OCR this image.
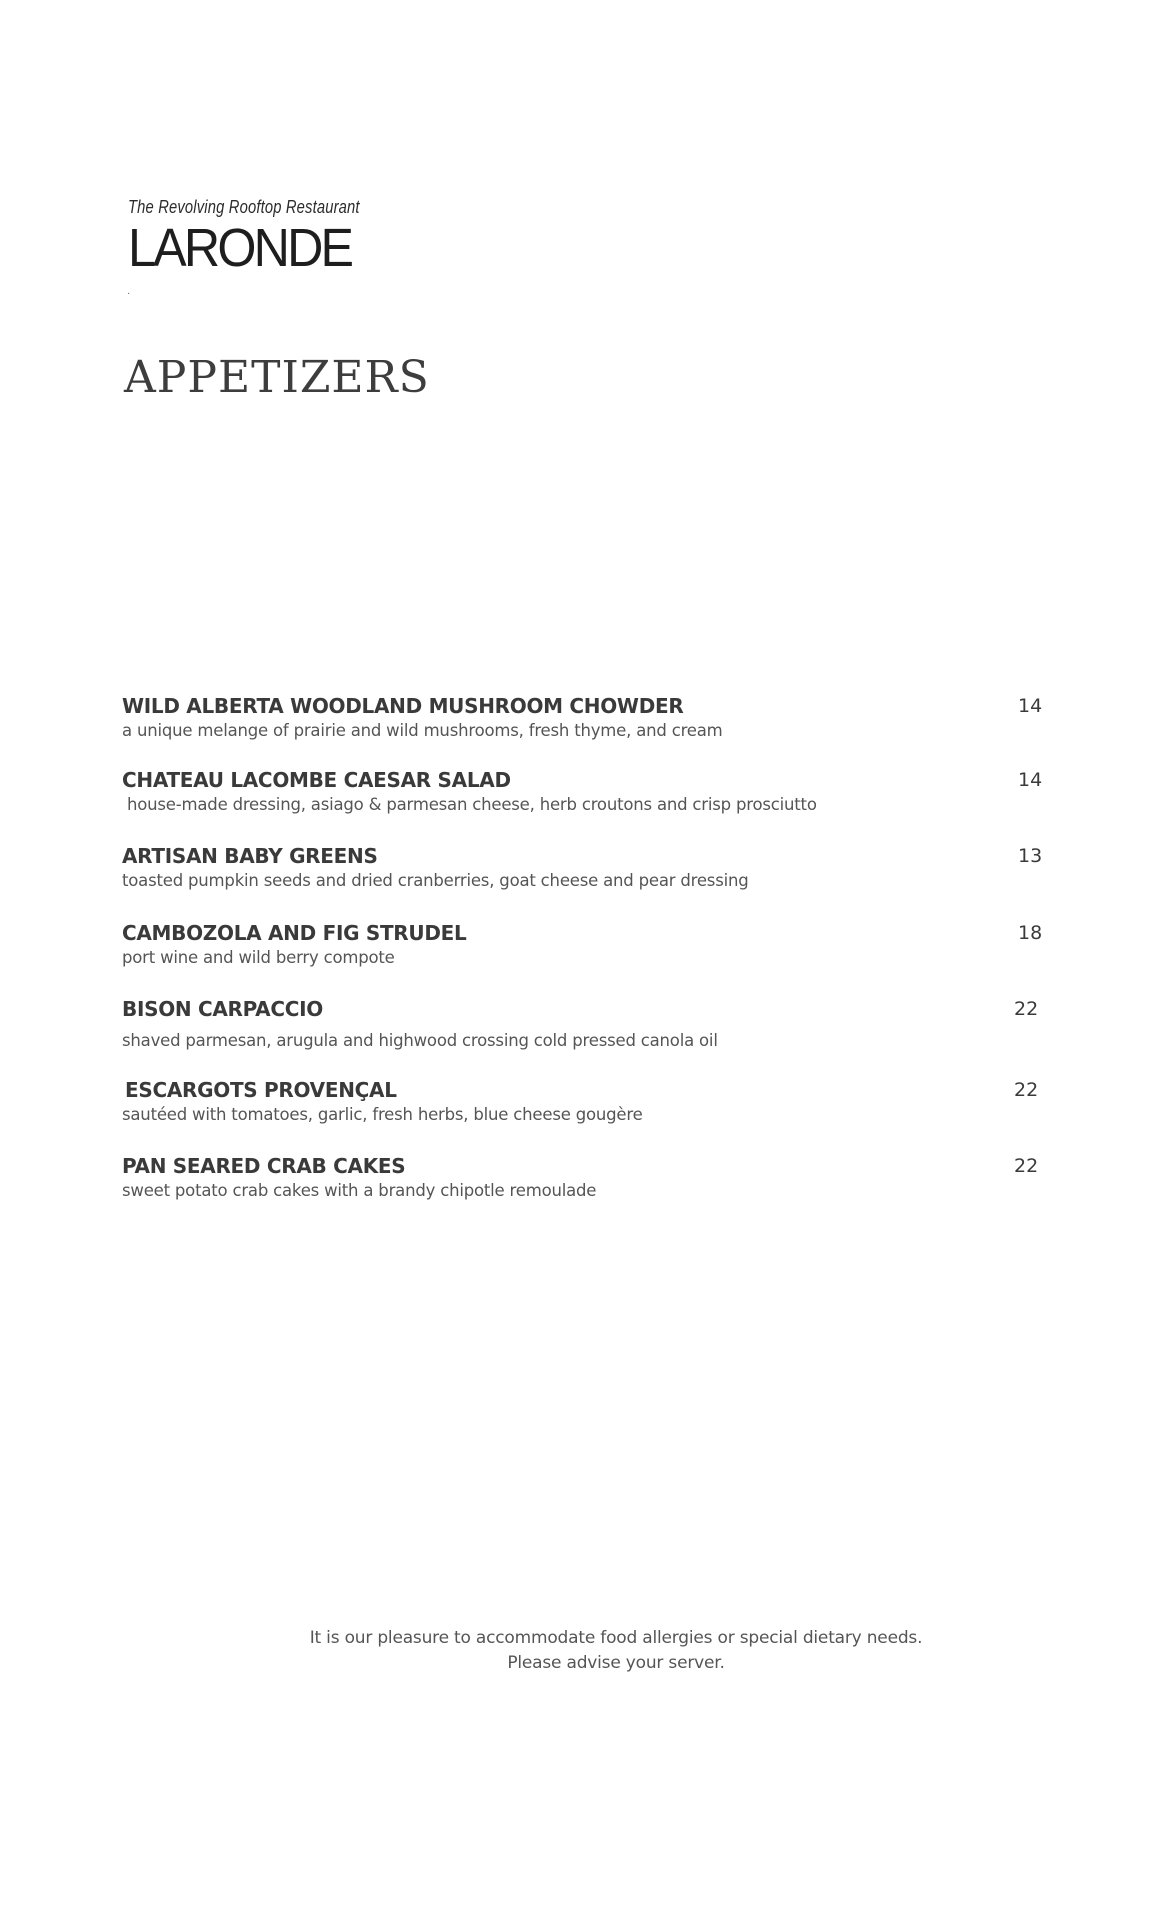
The Revolving Rooftop Restaurant
LARONDE
.
APPETIZERS
WILD ALBERTA WOODLAND MUSHROOM CHOWDER
a unique melange of prairie and wild mushrooms, fresh thyme, and cream
14
CHATEAU LACOMBE CAESAR SALAD
house-made dressing, asiago & parmesan cheese, herb croutons and crisp prosciutto
14
ARTISAN BABY GREENS
toasted pumpkin seeds and dried cranberries, goat cheese and pear dressing
13
CAMBOZOLA AND FIG STRUDEL
port wine and wild berry compote
18
BISON CARPACCIO
shaved parmesan, arugula and highwood crossing cold pressed canola oil
22
ESCARGOTS PROVENÇAL
sautéed with tomatoes, garlic, fresh herbs, blue cheese gougère
22
PAN SEARED CRAB CAKES
sweet potato crab cakes with a brandy chipotle remoulade
22
It is our pleasure to accommodate food allergies or special dietary needs.
Please advise your server.
